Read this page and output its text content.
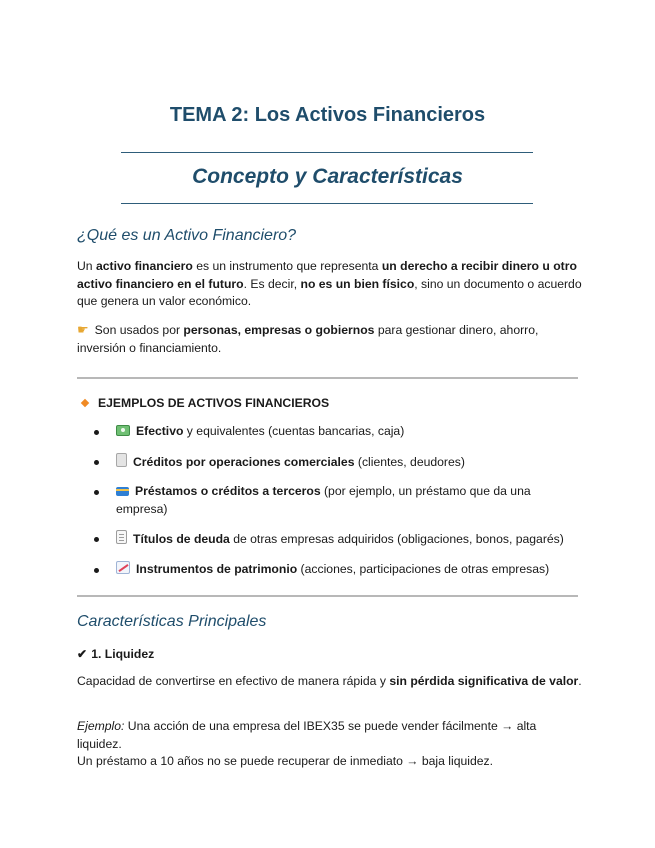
TEMA 2: Los Activos Financieros
Concepto y Características
¿Qué es un Activo Financiero?

Un activo financiero es un instrumento que representa un derecho a recibir dinero u otro activo financiero en el futuro. Es decir, no es un bien físico, sino un documento o acuerdo que genera un valor económico.

☛ Son usados por personas, empresas o gobiernos para gestionar dinero, ahorro, inversión o financiamiento.

EJEMPLOS DE ACTIVOS FINANCIEROS

Efectivo y equivalentes (cuentas bancarias, caja)
Créditos por operaciones comerciales (clientes, deudores)
Préstamos o créditos a terceros (por ejemplo, un préstamo que da una empresa)
Títulos de deuda de otras empresas adquiridos (obligaciones, bonos, pagarés)
Instrumentos de patrimonio (acciones, participaciones de otras empresas)
Características Principales

✔ 1. Liquidez

Capacidad de convertirse en efectivo de manera rápida y sin pérdida significativa de valor.

Ejemplo: Una acción de una empresa del IBEX35 se puede vender fácilmente → alta liquidez.
Un préstamo a 10 años no se puede recuperar de inmediato → baja liquidez.
